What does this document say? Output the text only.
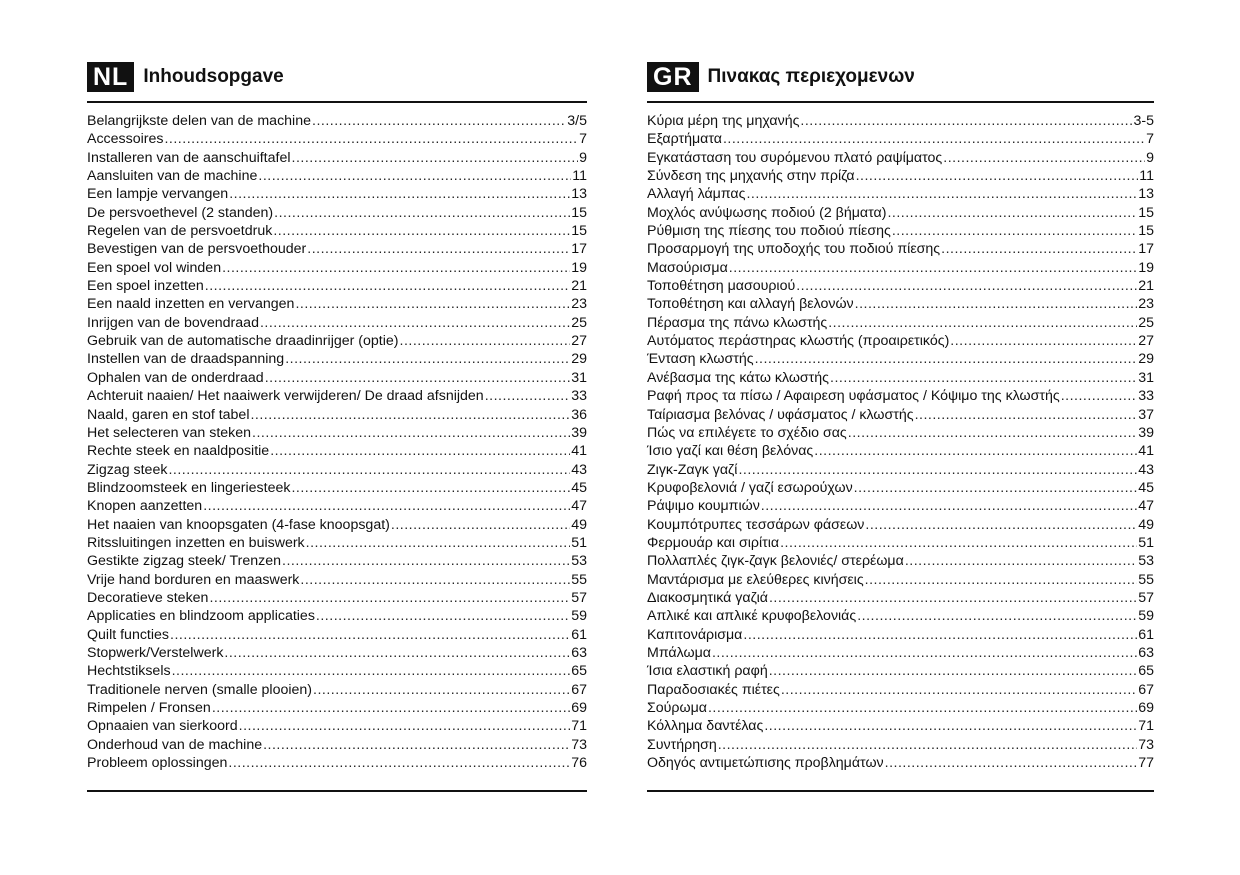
NL Inhoudsopgave
Belangrijkste delen van de machine .....	3/5
Accessoires .....	7
Installeren van de aanschuiftafel .....	9
Aansluiten van de machine .....	11
Een lampje vervangen .....	13
De persvoethevel (2 standen) .....	15
Regelen van de persvoetdruk .....	15
Bevestigen van de persvoethouder .....	17
Een spoel vol winden .....	19
Een spoel inzetten .....	21
Een naald inzetten en vervangen .....	23
Inrijgen van de bovendraad .....	25
Gebruik van de automatische draadinrijger (optie) .....	27
Instellen van de draadspanning .....	29
Ophalen van de onderdraad .....	31
Achteruit naaien/ Het naaiwerk verwijderen/ De draad afsnijden .....	33
Naald, garen en stof tabel .....	36
Het selecteren van steken .....	39
Rechte steek en naaldpositie .....	41
Zigzag steek .....	43
Blindzoomsteek en lingeriesteek .....	45
Knopen aanzetten .....	47
Het naaien van knoopsgaten (4-fase knoopsgat) .....	49
Ritssluitingen inzetten en buiswerk .....	51
Gestikte zigzag steek/ Trenzen .....	53
Vrije hand borduren en maaswerk .....	55
Decoratieve steken .....	57
Applicaties en blindzoom applicaties .....	59
Quilt functies .....	61
Stopwerk/Verstelwerk .....	63
Hechtstiksels .....	65
Traditionele nerven (smalle plooien) .....	67
Rimpelen / Fronsen .....	69
Opnaaien van sierkoord .....	71
Onderhoud van de machine .....	73
Probleem oplossingen .....	76
GR Πινακας περιεχομενων
Κύρια μέρη της μηχανής .....	3-5
Εξαρτήματα .....	7
Εγκατάσταση του συρόμενου πλατό ραψίματος .....	9
Σύνδεση της μηχανής στην πρίζα .....	11
Αλλαγή λάμπας .....	13
Μοχλός ανύψωσης ποδιού (2 βήματα) .....	15
Ρύθμιση της πίεσης του ποδιού πίεσης .....	15
Προσαρμογή της υποδοχής του ποδιού πίεσης .....	17
Μασούρισμα .....	19
Τοποθέτηση μασουριού .....	21
Τοποθέτηση και αλλαγή βελονών .....	23
Πέρασμα της πάνω κλωστής .....	25
Αυτόματος περάστηρας κλωστής (προαιρετικός) .....	27
Ένταση κλωστής .....	29
Ανέβασμα της κάτω κλωστής .....	31
Ραφή προς τα πίσω / Αφαιρεση υφάσματος / Κόψιμο της κλωστής .....	33
Ταίριασμα βελόνας / υφάσματος / κλωστής .....	37
Πώς να επιλέγετε το σχέδιο σας .....	39
Ίσιο γαζί και θέση βελόνας .....	41
Ζιγκ-Ζαγκ γαζί .....	43
Κρυφοβελονιά / γαζί εσωρούχων .....	45
Ράψιμο κουμπιών .....	47
Κουμπότρυπες τεσσάρων φάσεων .....	49
Φερμουάρ και σιρίτια .....	51
Πολλαπλές ζιγκ-ζαγκ βελονιές/ στερέωμα .....	53
Μαντάρισμα με ελεύθερες κινήσεις .....	55
Διακοσμητικά γαζιά .....	57
Απλικέ και απλικέ κρυφοβελονιάς .....	59
Καπιτονάρισμα .....	61
Μπάλωμα .....	63
Ίσια ελαστική ραφή .....	65
Παραδοσιακές πιέτες .....	67
Σούρωμα .....	69
Κόλλημα δαντέλας .....	71
Συντήρηση .....	73
Οδηγός αντιμετώπισης προβλημάτων .....	77
